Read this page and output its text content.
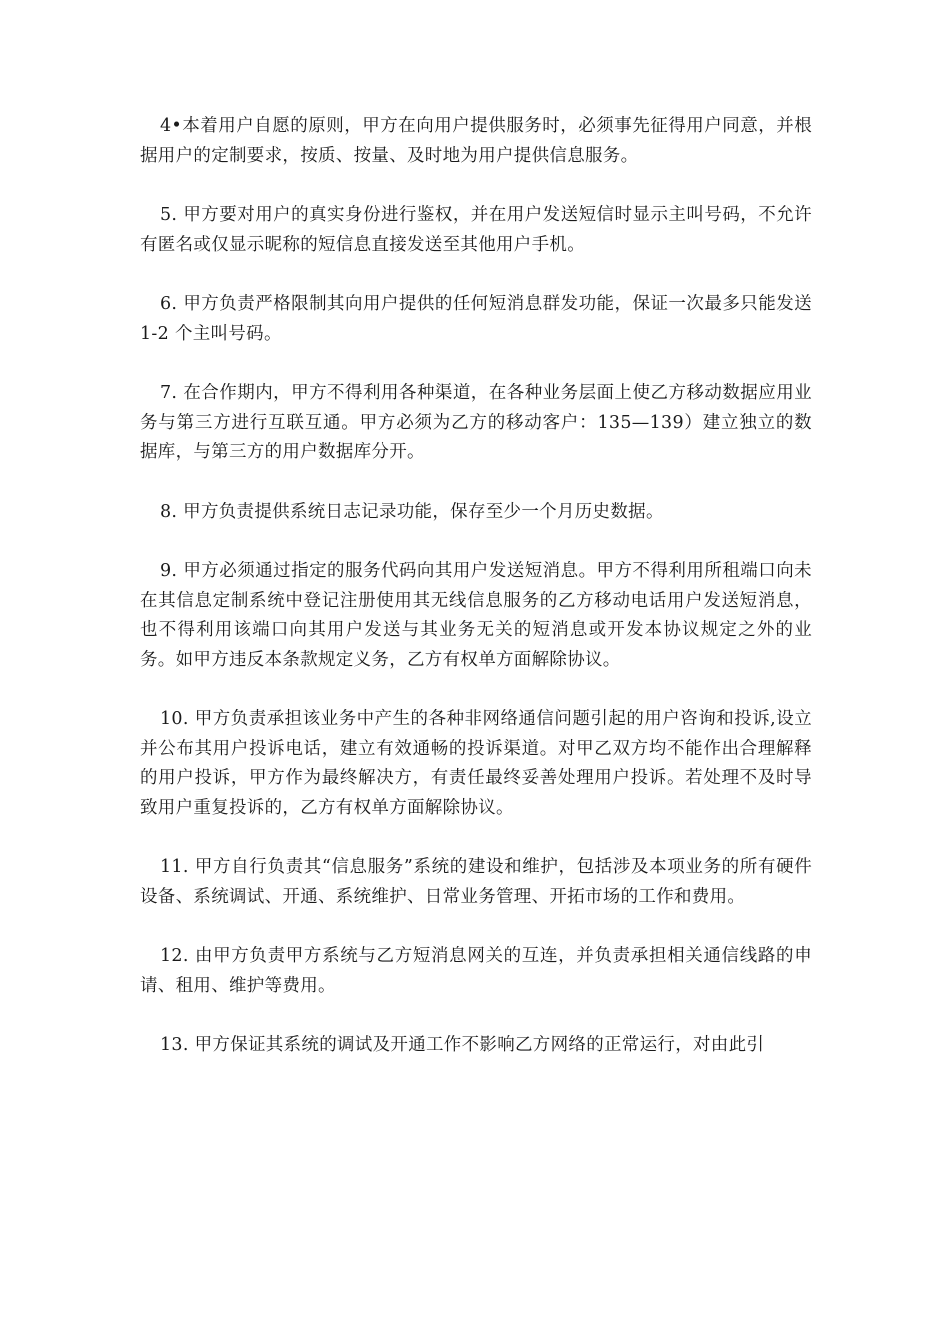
4•本着用户自愿的原则，甲方在向用户提供服务时，必须事先征得用户同意，并根据用户的定制要求，按质、按量、及时地为用户提供信息服务。

5. 甲方要对用户的真实身份进行鉴权，并在用户发送短信时显示主叫号码，不允许有匿名或仅显示昵称的短信息直接发送至其他用户手机。

6. 甲方负责严格限制其向用户提供的任何短消息群发功能，保证一次最多只能发送 1-2 个主叫号码。

7. 在合作期内，甲方不得利用各种渠道，在各种业务层面上使乙方移动数据应用业务与第三方进行互联互通。甲方必须为乙方的移动客户：135—139）建立独立的数据库，与第三方的用户数据库分开。

8. 甲方负责提供系统日志记录功能，保存至少一个月历史数据。

9. 甲方必须通过指定的服务代码向其用户发送短消息。甲方不得利用所租端口向未在其信息定制系统中登记注册使用其无线信息服务的乙方移动电话用户发送短消息，也不得利用该端口向其用户发送与其业务无关的短消息或开发本协议规定之外的业务。如甲方违反本条款规定义务，乙方有权单方面解除协议。

10. 甲方负责承担该业务中产生的各种非网络通信问题引起的用户咨询和投诉,设立并公布其用户投诉电话，建立有效通畅的投诉渠道。对甲乙双方均不能作出合理解释的用户投诉，甲方作为最终解决方，有责任最终妥善处理用户投诉。若处理不及时导致用户重复投诉的，乙方有权单方面解除协议。

11. 甲方自行负责其“信息服务”系统的建设和维护，包括涉及本项业务的所有硬件设备、系统调试、开通、系统维护、日常业务管理、开拓市场的工作和费用。

12. 由甲方负责甲方系统与乙方短消息网关的互连，并负责承担相关通信线路的申请、租用、维护等费用。

13. 甲方保证其系统的调试及开通工作不影响乙方网络的正常运行，对由此引
